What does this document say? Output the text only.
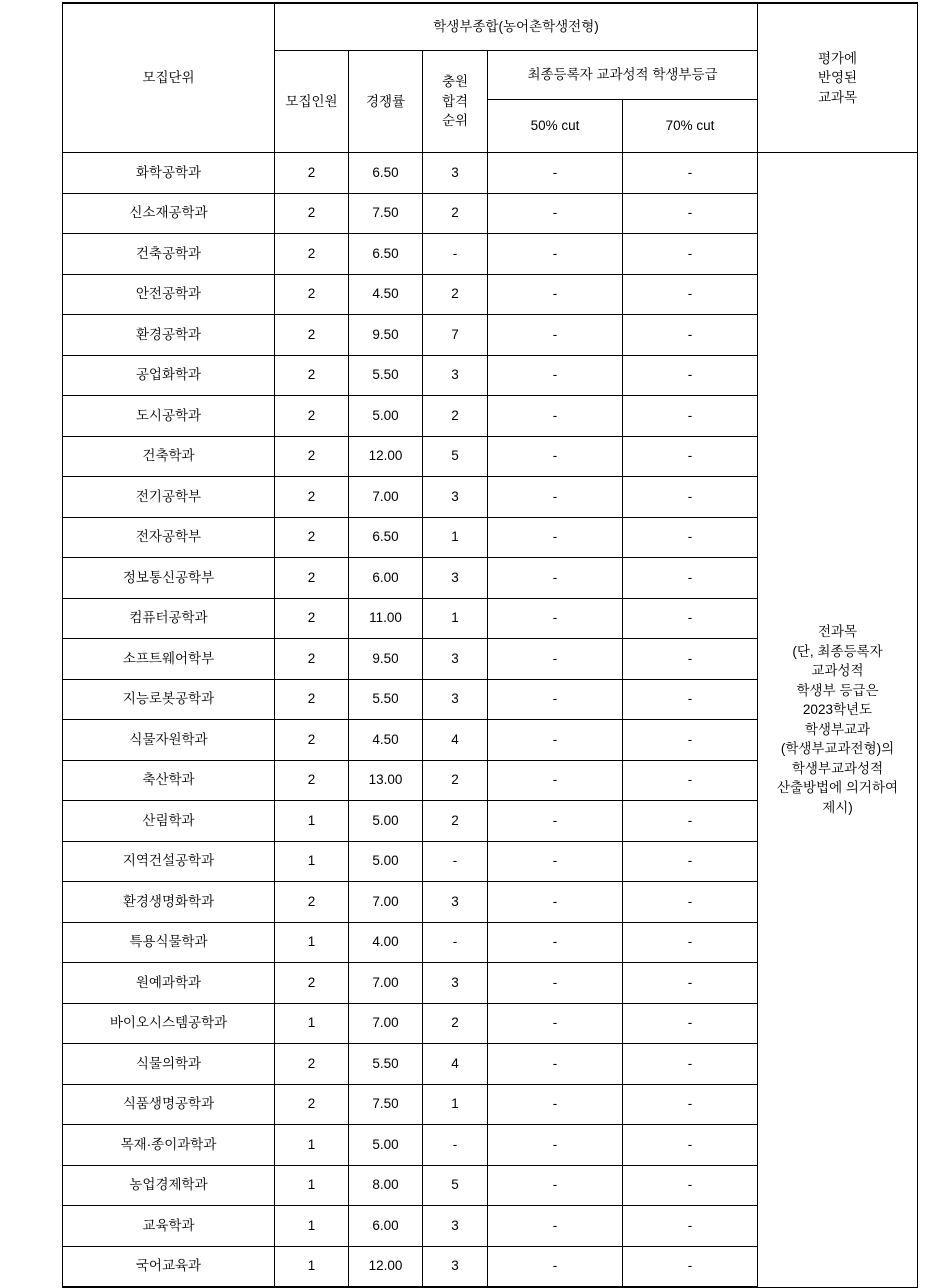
모집단위	학생부종합(농어촌학생전형)					평가에
반영된
교과목

	모집인원	경쟁률	충원
합격
순위	최종등록자 교과성적 학생부등급		
				50% cut	70% cut	
화학공학과	2	6.50	3	-	-	
전과목
(단, 최종등록자
교과성적
학생부 등급은
2023학년도
학생부교과
(학생부교과전형)의
학생부교과성적
산출방법에 의거하여
제시)

신소재공학과	2	7.50	2	-	-	
건축공학과	2	6.50	-	-	-	
안전공학과	2	4.50	2	-	-	
환경공학과	2	9.50	7	-	-	
공업화학과	2	5.50	3	-	-	
도시공학과	2	5.00	2	-	-	
건축학과	2	12.00	5	-	-	
전기공학부	2	7.00	3	-	-	
전자공학부	2	6.50	1	-	-	
정보통신공학부	2	6.00	3	-	-	
컴퓨터공학과	2	11.00	1	-	-	
소프트웨어학부	2	9.50	3	-	-	
지능로봇공학과	2	5.50	3	-	-	
식물자원학과	2	4.50	4	-	-	
축산학과	2	13.00	2	-	-	
산림학과	1	5.00	2	-	-	
지역건설공학과	1	5.00	-	-	-	
환경생명화학과	2	7.00	3	-	-	
특용식물학과	1	4.00	-	-	-	
원예과학과	2	7.00	3	-	-	
바이오시스템공학과	1	7.00	2	-	-	
식물의학과	2	5.50	4	-	-	
식품생명공학과	2	7.50	1	-	-	
목재·종이과학과	1	5.00	-	-	-	
농업경제학과	1	8.00	5	-	-	
교육학과	1	6.00	3	-	-	
국어교육과	1	12.00	3	-	-	
